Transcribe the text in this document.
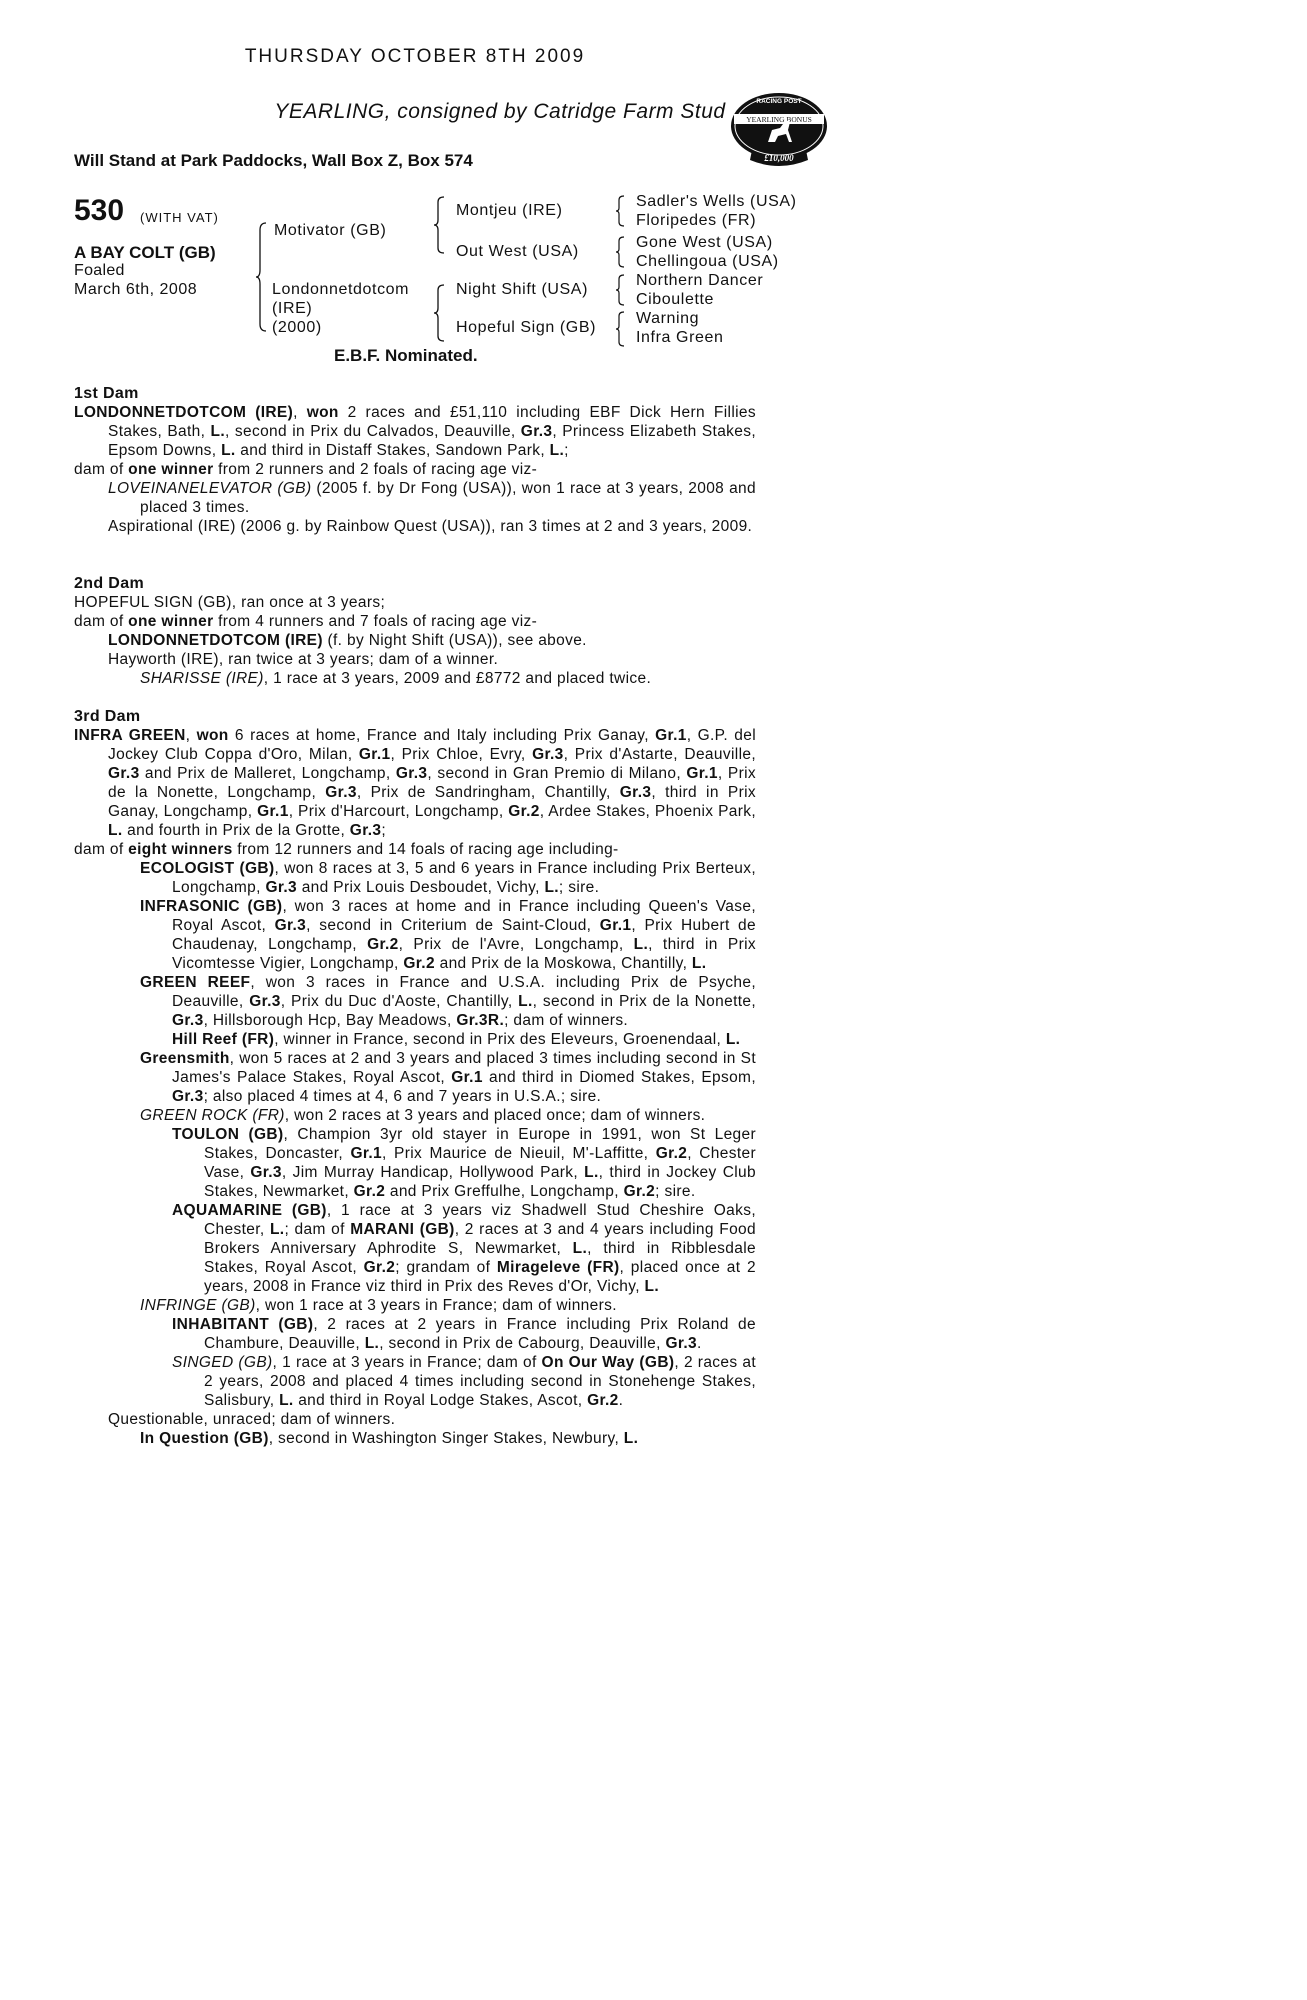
THURSDAY OCTOBER 8TH 2009
YEARLING, consigned by Catridge Farm Stud
Will Stand at Park Paddocks, Wall Box Z, Box 574
RACING POST
YEARLING BONUS
£10,000
530 (WITH VAT)
A BAY COLT (GB)
Foaled
March 6th, 2008
Motivator (GB)
Londonnetdotcom
(IRE)
(2000)
Montjeu (IRE)
Out West (USA)
Night Shift (USA)
Hopeful Sign (GB)
Sadler's Wells (USA)
Floripedes (FR)
Gone West (USA)
Chellingoua (USA)
Northern Dancer
Ciboulette
Warning
Infra Green
E.B.F. Nominated.
1st Dam

LONDONNETDOTCOM (IRE), won 2 races and £51,110 including EBF Dick Hern Fillies Stakes, Bath, L., second in Prix du Calvados, Deauville, Gr.3, Princess Elizabeth Stakes, Epsom Downs, L. and third in Distaff Stakes, Sandown Park, L.;

dam of one winner from 2 runners and 2 foals of racing age viz-

LOVEINANELEVATOR (GB) (2005 f. by Dr Fong (USA)), won 1 race at 3 years, 2008 and placed 3 times.

Aspirational (IRE) (2006 g. by Rainbow Quest (USA)), ran 3 times at 2 and 3 years, 2009.

2nd Dam

HOPEFUL SIGN (GB), ran once at 3 years;

dam of one winner from 4 runners and 7 foals of racing age viz-

LONDONNETDOTCOM (IRE) (f. by Night Shift (USA)), see above.

Hayworth (IRE), ran twice at 3 years; dam of a winner.

SHARISSE (IRE), 1 race at 3 years, 2009 and £8772 and placed twice.

3rd Dam

INFRA GREEN, won 6 races at home, France and Italy including Prix Ganay, Gr.1, G.P. del Jockey Club Coppa d'Oro, Milan, Gr.1, Prix Chloe, Evry, Gr.3, Prix d'Astarte, Deauville, Gr.3 and Prix de Malleret, Longchamp, Gr.3, second in Gran Premio di Milano, Gr.1, Prix de la Nonette, Longchamp, Gr.3, Prix de Sandringham, Chantilly, Gr.3, third in Prix Ganay, Longchamp, Gr.1, Prix d'Harcourt, Longchamp, Gr.2, Ardee Stakes, Phoenix Park, L. and fourth in Prix de la Grotte, Gr.3;

dam of eight winners from 12 runners and 14 foals of racing age including-

ECOLOGIST (GB), won 8 races at 3, 5 and 6 years in France including Prix Berteux, Longchamp, Gr.3 and Prix Louis Desboudet, Vichy, L.; sire.

INFRASONIC (GB), won 3 races at home and in France including Queen's Vase, Royal Ascot, Gr.3, second in Criterium de Saint-Cloud, Gr.1, Prix Hubert de Chaudenay, Longchamp, Gr.2, Prix de l'Avre, Longchamp, L., third in Prix Vicomtesse Vigier, Longchamp, Gr.2 and Prix de la Moskowa, Chantilly, L.

GREEN REEF, won 3 races in France and U.S.A. including Prix de Psyche, Deauville, Gr.3, Prix du Duc d'Aoste, Chantilly, L., second in Prix de la Nonette, Gr.3, Hillsborough Hcp, Bay Meadows, Gr.3R.; dam of winners.

Hill Reef (FR), winner in France, second in Prix des Eleveurs, Groenendaal, L.

Greensmith, won 5 races at 2 and 3 years and placed 3 times including second in St James's Palace Stakes, Royal Ascot, Gr.1 and third in Diomed Stakes, Epsom, Gr.3; also placed 4 times at 4, 6 and 7 years in U.S.A.; sire.

GREEN ROCK (FR), won 2 races at 3 years and placed once; dam of winners.

TOULON (GB), Champion 3yr old stayer in Europe in 1991, won St Leger Stakes, Doncaster, Gr.1, Prix Maurice de Nieuil, M'-Laffitte, Gr.2, Chester Vase, Gr.3, Jim Murray Handicap, Hollywood Park, L., third in Jockey Club Stakes, Newmarket, Gr.2 and Prix Greffulhe, Longchamp, Gr.2; sire.

AQUAMARINE (GB), 1 race at 3 years viz Shadwell Stud Cheshire Oaks, Chester, L.; dam of MARANI (GB), 2 races at 3 and 4 years including Food Brokers Anniversary Aphrodite S, Newmarket, L., third in Ribblesdale Stakes, Royal Ascot, Gr.2; grandam of Mirageleve (FR), placed once at 2 years, 2008 in France viz third in Prix des Reves d'Or, Vichy, L.

INFRINGE (GB), won 1 race at 3 years in France; dam of winners.

INHABITANT (GB), 2 races at 2 years in France including Prix Roland de Chambure, Deauville, L., second in Prix de Cabourg, Deauville, Gr.3.

SINGED (GB), 1 race at 3 years in France; dam of On Our Way (GB), 2 races at 2 years, 2008 and placed 4 times including second in Stonehenge Stakes, Salisbury, L. and third in Royal Lodge Stakes, Ascot, Gr.2.

Questionable, unraced; dam of winners.

In Question (GB), second in Washington Singer Stakes, Newbury, L.
